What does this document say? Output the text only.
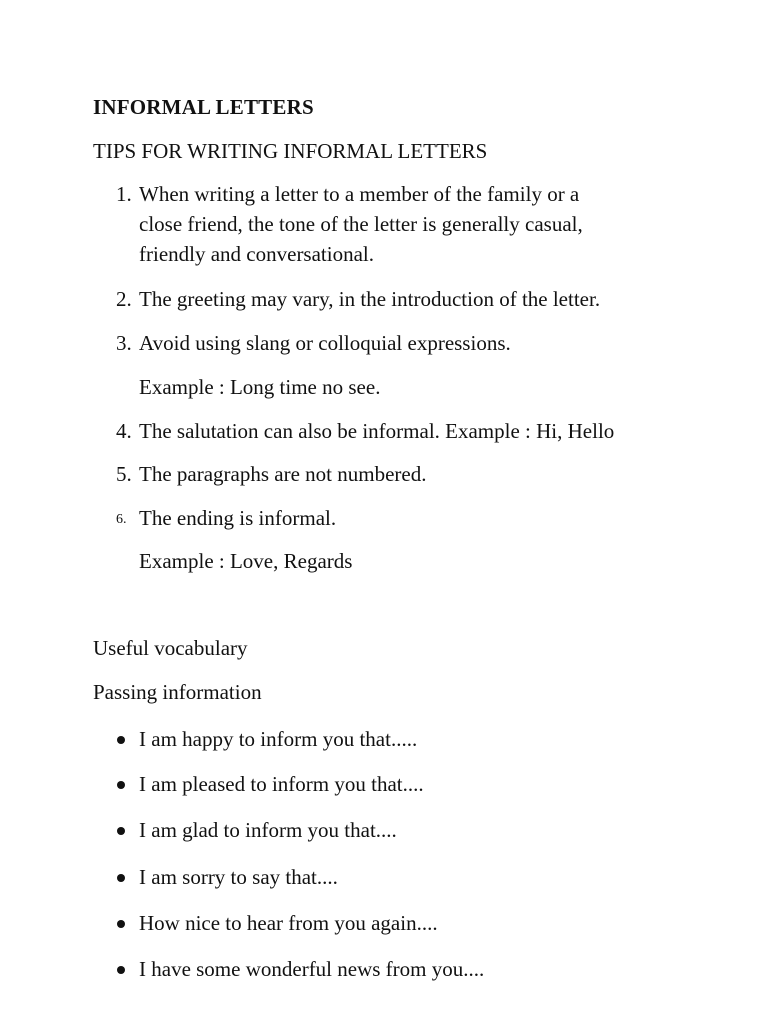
INFORMAL LETTERS
TIPS FOR WRITING INFORMAL LETTERS
1. When writing a letter to a member of the family or a
close friend, the tone of the letter is generally casual,
friendly and conversational.
2. The greeting may vary, in the introduction of the letter.
3. Avoid using slang or colloquial expressions.
Example : Long time no see.
4. The salutation can also be informal. Example : Hi, Hello
5. The paragraphs are not numbered.
6. The ending is informal.
Example : Love, Regards
Useful vocabulary
Passing information
I am happy to inform you that.....
I am pleased to inform you that....
I am glad to inform you that....
I am sorry to say that....
How nice to hear from you again....
I have some wonderful news from you....
